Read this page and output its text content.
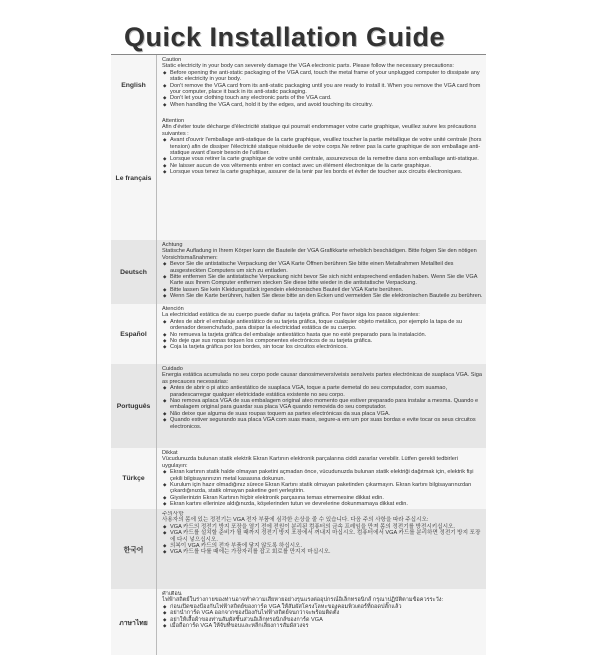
Quick Installation Guide
English
Caution
Static electricity in your body can severely damage the VGA electronic parts. Please follow the necessary precautions:
◆ Before opening the anti-static packaging of the VGA card, touch the metal frame of your unplugged computer to dissipate any static electricity in your body.
◆ Don't remove the VGA card from its anti-static packaging until you are ready to install it. When you remove the VGA card from your computer, place it back in its anti-static packaging.
◆ Don't let your clothing touch any electronic parts of the VGA card.
◆ When handling the VGA card, hold it by the edges, and avoid touching its circuitry.
Le français
Attention
Afin d'éviter toute décharge d'électricité statique qui pourrait endommager votre carte graphique, veuillez suivre les précautions suivantes :
◆ Avant d'ouvrir l'emballage anti-statique de la carte graphique, veuillez toucher la partie métallique de votre unité centrale (hors tension) afin de dissiper l'électricité statique résiduelle de votre corps.Ne retirer pas la carte graphique de son emballage anti-statique avant d'avoir besoin de l'utiliser.
◆ Lorsque vous retirer la carte graphique de votre unité centrale, assurezvous de la remettre dans son emballage anti-statique.
◆ Ne laisser aucun de vos vêtements entrer en contact avec un élément électronique de la carte graphique.
◆ Lorsque vous tenez la carte graphique, assurer de la tenir par les bords et éviter de toucher aux circuits électroniques.
Deutsch
Achtung
Statische Aufladung in Ihrem Körper kann die Bauteile der VGA Grafikkarte erheblich beschädigen. Bitte folgen Sie den nötigen Vorsichtsmaßnahmen:
◆ Bevor Sie die antistatische Verpackung der VGA Karte Öffnen berühren Sie bitte einen Metallrahmen Metallteil des ausgesteckten Computers um sich zu entladen.
◆ Bitte entfernen Sie die antistatische Verpackung nicht bevor Sie sich nicht entsprechend entladen haben. Wenn Sie die VGA Karte aus Ihrem Computer entfernen stecken Sie diese bitte wieder in die antistatische Verpackung.
◆ Bitte lassen Sie kein Kleidungsstück irgendein elektronisches Bauteil der VGA Karte berühren.
◆ Wenn Sie die Karte berühren, halten Sie diese bitte an den Ecken und vermeiden Sie die elektronischen Bauteile zu berühren.
Español
Atención
La electricidad estática de su cuerpo puede dañar su tarjeta gráfica. Por favor siga los pasos siguientes:
◆ Antes de abrir el embalaje antiestático de su tarjeta gráfica, toque cualquier objeto metálico, por ejemplo la tapa de su ordenador desenchufado, para disipar la electricidad estática de su cuerpo.
◆ No remueva la tarjeta gráfica del embalaje antiestático hasta que no esté preparado para la instalación.
◆ No deje que sus ropas toquen los componentes electrónicos de su tarjeta gráfica.
◆ Coja la tarjeta gráfica por los bordes, sin tocar los circuitos electrónicos.
Português
Cuidado
Energia estática acumulada no seu corpo pode causar danosimeversíveisis sensíveis partes electrónicas de suaplaca VGA. Siga as precauces necessárias:
◆ Antes de abrir o pi atico antiestático de suaplaca VGA, toque a parte demetal do seu computador, com suamao, paradescarregar qualquer eletricidade estática existente no seu corpo.
◆ Nao remova aplaca VGA de sua embalagem original ateo momento que estiver preparado para instalar a mesma. Quando e embalagem original para guardar sua placa VGA quando removida do seu computador.
◆ Não deixe que alguma de suas roupas toquem as partes electrónicas da sua placa VGA.
◆ Quando estiver segurando sua placa VGA com suas maos, segure-a em um por suas bordas e evite tocar os seus circuitos electronicos.
Türkçe
Dikkat
Vücudunuzda bulunan statik elektrik Ekran Kartının elektronik parçalarına ciddi zararlar verebilir. Lütfen gerekli tedbirleri uygulayın:
◆ Ekran kartının statik halde olmayan paketini açmadan önce, vücudunuzda bulunan statik elektriği dağıtmak için, elektrik fişi çekili bilgisayarınızın metal kasasına dokunun.
◆ Kurulum için hazır olmadığınız sürece Ekran Kartını statik olmayan paketinden çıkarmayın. Ekran kartını bilgisayarınızdan çıkardığınızda, statik olmayan paketine geri yerleştirin.
◆ Giysilerinizin Ekran Kartının hiçbir elektronik parçasına temas etmemesine dikkat edin.
◆ Ekran kartını ellerinize aldığınızda, köşelerinden tutun ve devrelerine dokunmamaya dikkat edin.
한국어
주의사항
사용자의 몸에 있는 정전기는 VGA 전자 부품에 심각한 손상을 줄 수 있습니다. 다음 주의 사항을 따라 주십시오:
◆ VGA 카드의 정전기 방지 포장을 열기 전에 전원이 분리된 컴퓨터의 금속 프레임을 만져 몸의 정전기를 방전시키십시오.
◆ VGA 카드를 설치할 준비가 될 때까지 정전기 방지 포장에서 꺼내지 마십시오. 컴퓨터에서 VGA 카드를 분리하면 정전기 방지 포장에 다시 넣으십시오.
◆ 의복이 VGA 카드의 전자 부품에 닿지 않도록 하십시오.
◆ VGA 카드를 다룰 때에는 가장자리를 잡고 회로를 만지지 마십시오.
ภาษาไทย
คำเตือน
ไฟฟ้าสถิตย์ในร่างกายของท่านอาจทำความเสียหายอย่างรุนแรงต่ออุปกรณ์อิเล็กทรอนิกส์ กรุณาปฏิบัติตามข้อควรระวัง:
◆ ก่อนเปิดซองป้องกันไฟฟ้าสถิตย์ของการ์ด VGA ให้สัมผัสโครงโลหะของคอมพิวเตอร์ที่ถอดปลั๊กแล้ว
◆ อย่านำการ์ด VGA ออกจากซองป้องกันไฟฟ้าสถิตย์จนกว่าจะพร้อมติดตั้ง
◆ อย่าให้เสื้อผ้าของท่านสัมผัสชิ้นส่วนอิเล็กทรอนิกส์ของการ์ด VGA
◆ เมื่อถือการ์ด VGA ให้จับที่ขอบและหลีกเลี่ยงการสัมผัสวงจร
